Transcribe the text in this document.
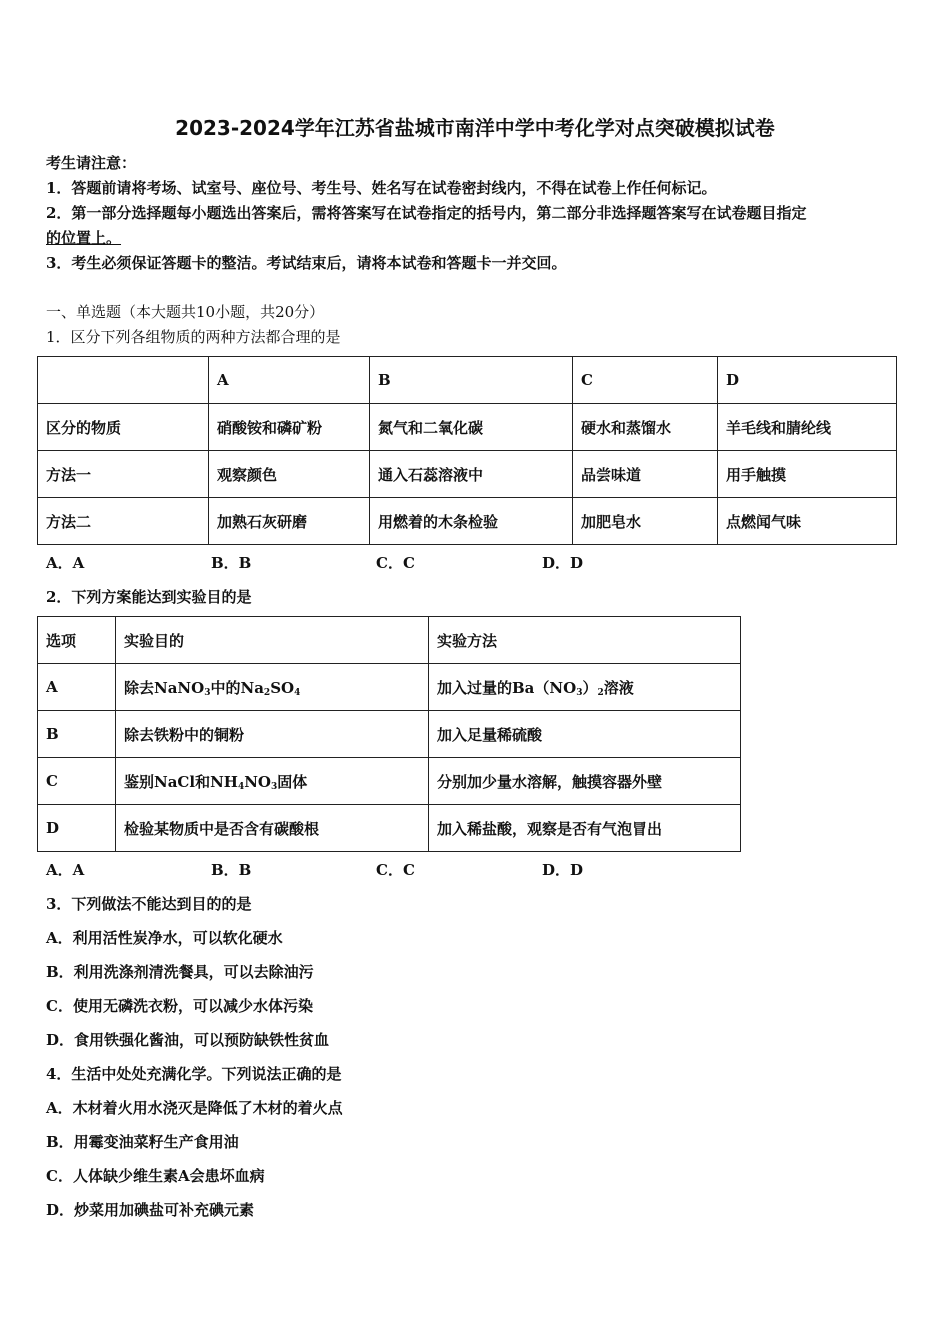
2023-2024学年江苏省盐城市南洋中学中考化学对点突破模拟试卷
考生请注意：
1．答题前请将考场、试室号、座位号、考生号、姓名写在试卷密封线内，不得在试卷上作任何标记。
2．第一部分选择题每小题选出答案后，需将答案写在试卷指定的括号内，第二部分非选择题答案写在试卷题目指定
的位置上。
3．考生必须保证答题卡的整洁。考试结束后，请将本试卷和答题卡一并交回。
一、单选题（本大题共10小题，共20分）
1．区分下列各组物质的两种方法都合理的是
	A	B	C	D
区分的物质	硝酸铵和磷矿粉	氮气和二氧化碳	硬水和蒸馏水	羊毛线和腈纶线
方法一	观察颜色	通入石蕊溶液中	品尝味道	用手触摸
方法二	加熟石灰研磨	用燃着的木条检验	加肥皂水	点燃闻气味
A．A	B．B	C．C	D．D
2．下列方案能达到实验目的是
选项	实验目的	实验方法
A	除去NaNO$_3$中的$Na_2SO_4$	加入过量的$Ba(NO_3)_2$溶液
B	除去铁粉中的铜粉	加入足量稀硫酸
C	鉴别NaCl和$NH_4NO_3$固体	分别加少量水溶解，触摸容器外壁
D	检验某物质中是否含有碳酸根	加入稀盐酸，观察是否有气泡冒出
A．A	B．B	C．C	D．D
3．下列做法不能达到目的的是
A．利用活性炭净水，可以软化硬水
B．利用洗涤剂清洗餐具，可以去除油污
C．使用无磷洗衣粉，可以减少水体污染
D．食用铁强化酱油，可以预防缺铁性贫血
4．生活中处处充满化学。下列说法正确的是
A．木材着火用水浇灭是降低了木材的着火点
B．用霉变油菜籽生产食用油
C．人体缺少维生素A会患坏血病
D．炒菜用加碘盐可补充碘元素
